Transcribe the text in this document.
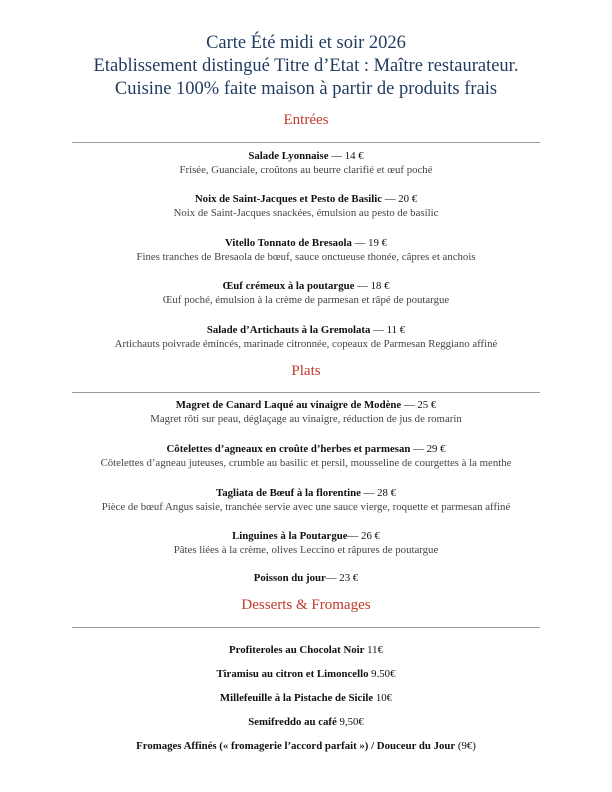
Carte Été midi et soir 2026
Etablissement distingué Titre d’Etat : Maître restaurateur.
Cuisine 100% faite maison à partir de produits frais
Entrées
Salade Lyonnaise — 14 €
Frisée, Guanciale, croûtons au beurre clarifié et œuf poché
Noix de Saint-Jacques et Pesto de Basilic — 20 €
Noix de Saint-Jacques snackées, émulsion au pesto de basilic
Vitello Tonnato de Bresaola — 19 €
Fines tranches de Bresaola de bœuf, sauce onctueuse thonée, câpres et anchois
Œuf crémeux à la poutargue — 18 €
Œuf poché, émulsion à la crème de parmesan et râpé de poutargue
Salade d’Artichauts à la Gremolata — 11 €
Artichauts poivrade émincés, marinade citronnée, copeaux de Parmesan Reggiano affiné
Plats
Magret de Canard Laqué au vinaigre de Modène — 25 €
Magret rôti sur peau, déglaçage au vinaigre, réduction de jus de romarin
Côtelettes d’agneaux en croûte d’herbes et parmesan — 29 €
Côtelettes d’agneau juteuses, crumble au basilic et persil, mousseline de courgettes à la menthe
Tagliata de Bœuf à la florentine — 28 €
Pièce de bœuf Angus saisie, tranchée servie avec une sauce vierge, roquette et parmesan affiné
Linguines à la Poutargue— 26 €
Pâtes liées à la crème, olives Leccino et râpures de poutargue
Poisson du jour— 23 €
Desserts & Fromages
Profiteroles au Chocolat Noir 11€
Tiramisu au citron et Limoncello 9.50€
Millefeuille à la Pistache de Sicile 10€
Semifreddo au café 9,50€
Fromages Affinés (« fromagerie l’accord parfait ») / Douceur du Jour (9€)
